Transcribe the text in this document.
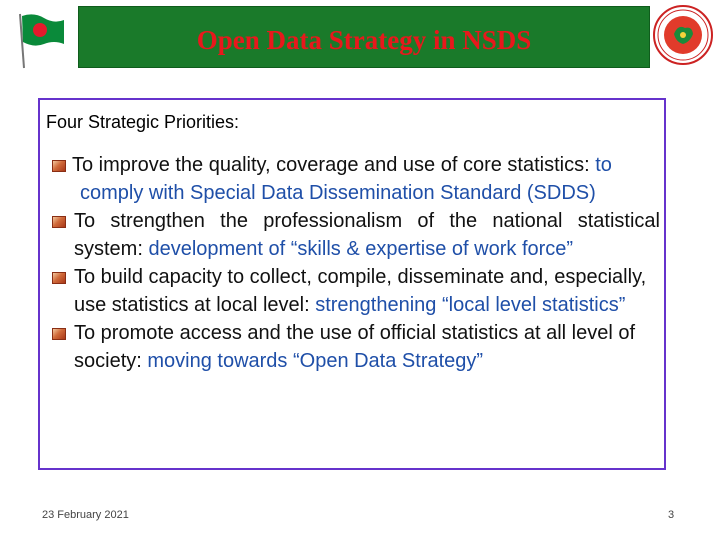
Open Data Strategy in NSDS
Four Strategic Priorities:
To improve the quality, coverage and use of core statistics: to comply with Special Data Dissemination Standard (SDDS)
To strengthen the professionalism of the national statistical system: development of “skills & expertise of work force”
To build capacity to collect, compile, disseminate and, especially, use statistics at local level: strengthening “local level statistics”
To promote access and the use of official statistics at all level of society: moving towards “Open Data Strategy”
23 February 2021	3
